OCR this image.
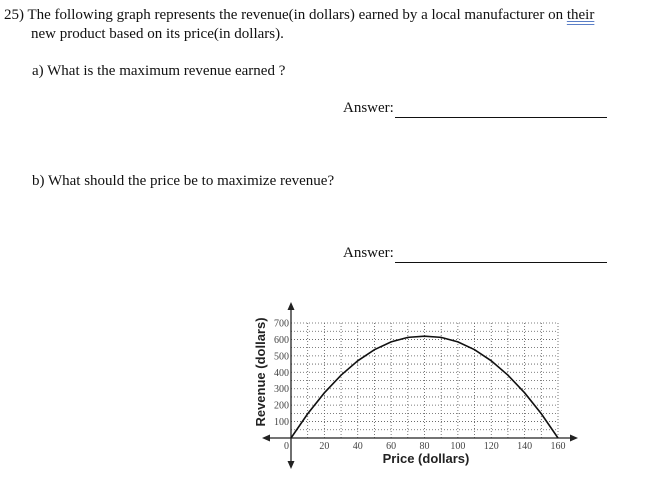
25) The following graph represents the revenue(in dollars) earned by a local manufacturer on their
new product based on its price(in dollars).
a) What is the maximum revenue earned ?
Answer:
b) What should the price be to maximize revenue?
Answer:
20 40 60 80 100 120 140 160
100
200
300
400
500
600
700
0
Price (dollars)
Revenue (dollars)
